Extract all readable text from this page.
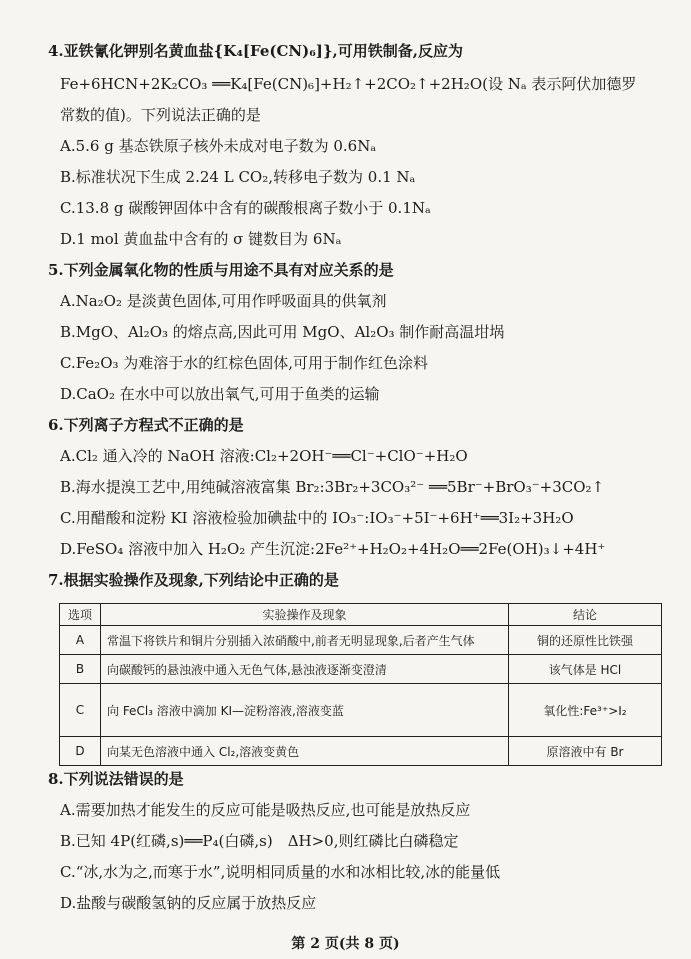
4.亚铁氰化钾别名黄血盐{K₄[Fe(CN)₆]},可用铁制备,反应为
Fe+6HCN+2K₂CO₃ ══K₄[Fe(CN)₆]+H₂↑+2CO₂↑+2H₂O(设 Nₐ 表示阿伏加德罗
常数的值)。下列说法正确的是
A.5.6 g 基态铁原子核外未成对电子数为 0.6Nₐ
B.标准状况下生成 2.24 L CO₂,转移电子数为 0.1 Nₐ
C.13.8 g 碳酸钾固体中含有的碳酸根离子数小于 0.1Nₐ
D.1 mol 黄血盐中含有的 σ 键数目为 6Nₐ
5.下列金属氧化物的性质与用途不具有对应关系的是
A.Na₂O₂ 是淡黄色固体,可用作呼吸面具的供氧剂
B.MgO、Al₂O₃ 的熔点高,因此可用 MgO、Al₂O₃ 制作耐高温坩埚
C.Fe₂O₃ 为难溶于水的红棕色固体,可用于制作红色涂料
D.CaO₂ 在水中可以放出氧气,可用于鱼类的运输
6.下列离子方程式不正确的是
A.Cl₂ 通入冷的 NaOH 溶液:Cl₂+2OH⁻══Cl⁻+ClO⁻+H₂O
B.海水提溴工艺中,用纯碱溶液富集 Br₂:3Br₂+3CO₃²⁻ ══5Br⁻+BrO₃⁻+3CO₂↑
C.用醋酸和淀粉 KI 溶液检验加碘盐中的 IO₃⁻:IO₃⁻+5I⁻+6H⁺══3I₂+3H₂O
D.FeSO₄ 溶液中加入 H₂O₂ 产生沉淀:2Fe²⁺+H₂O₂+4H₂O══2Fe(OH)₃↓+4H⁺
7.根据实验操作及现象,下列结论中正确的是
选项	实验操作及现象	结论
A	常温下将铁片和铜片分别插入浓硝酸中,前者无明显现象,后者产生气体	铜的还原性比铁强
B	向碳酸钙的悬浊液中通入无色气体,悬浊液逐渐变澄清	该气体是 HCl
C	向 FeCl₃ 溶液中滴加 KI—淀粉溶液,溶液变蓝	氧化性:Fe³⁺>I₂
D	向某无色溶液中通入 Cl₂,溶液变黄色	原溶液中有 Br
8.下列说法错误的是
A.需要加热才能发生的反应可能是吸热反应,也可能是放热反应
B.已知 4P(红磷,s)══P₄(白磷,s)　ΔH>0,则红磷比白磷稳定
C.“冰,水为之,而寒于水”,说明相同质量的水和冰相比较,冰的能量低
D.盐酸与碳酸氢钠的反应属于放热反应
第 2 页(共 8 页)
